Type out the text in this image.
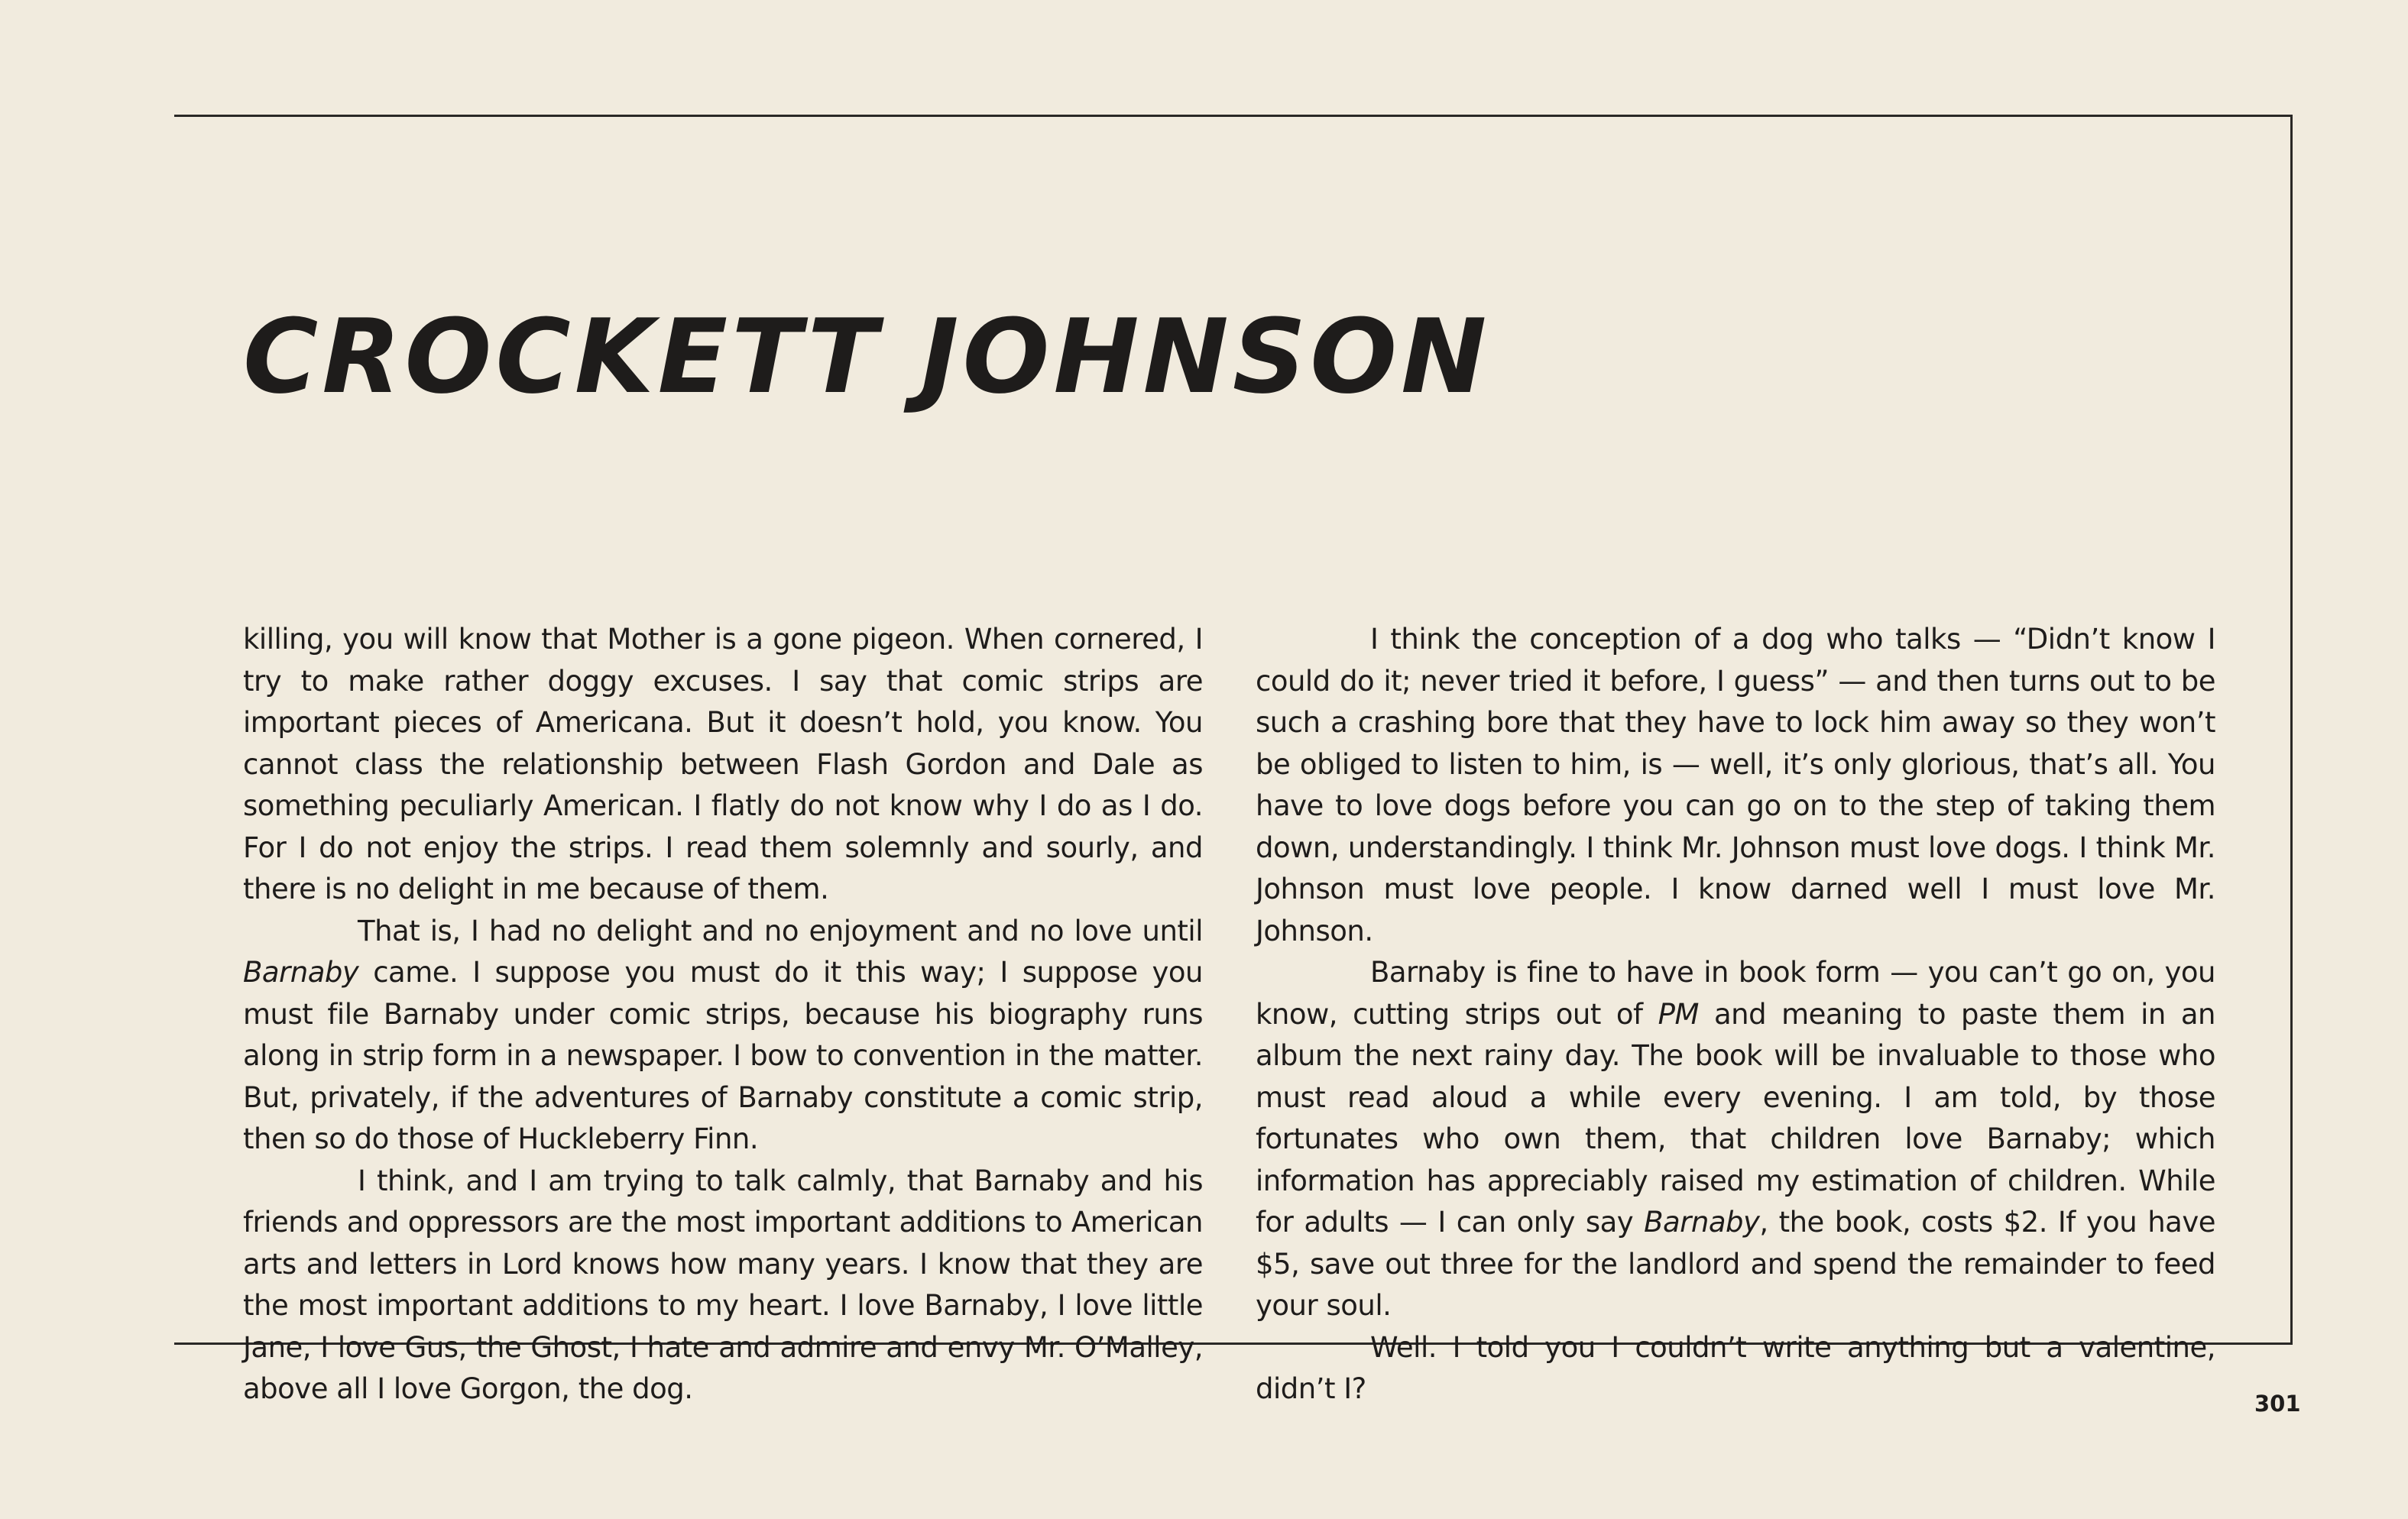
CROCKETT JOHNSON

killing, you will know that Mother is a gone pigeon. When cornered, I try to make rather doggy excuses. I say that comic strips are important pieces of Americana. But it doesn’t hold, you know. You cannot class the relationship between Flash Gordon and Dale as something peculiarly American. I flatly do not know why I do as I do. For I do not enjoy the strips. I read them solemnly and sourly, and there is no delight in me because of them.

That is, I had no delight and no enjoyment and no love until Barnaby came. I suppose you must do it this way; I suppose you must file Barnaby under comic strips, because his biography runs along in strip form in a newspaper. I bow to convention in the matter. But, privately, if the adventures of Barnaby constitute a comic strip, then so do those of Huckleberry Finn.

I think, and I am trying to talk calmly, that Barnaby and his friends and oppressors are the most important additions to American arts and letters in Lord knows how many years. I know that they are the most important additions to my heart. I love Barnaby, I love little Jane, I love Gus, the Ghost, I hate and admire and envy Mr. O’Malley, above all I love Gorgon, the dog.

I think the conception of a dog who talks — “Didn’t know I could do it; never tried it before, I guess” — and then turns out to be such a crashing bore that they have to lock him away so they won’t be obliged to listen to him, is — well, it’s only glorious, that’s all. You have to love dogs before you can go on to the step of taking them down, understandingly. I think Mr. Johnson must love dogs. I think Mr. Johnson must love people. I know darned well I must love Mr. Johnson.

Barnaby is fine to have in book form — you can’t go on, you know, cutting strips out of PM and meaning to paste them in an album the next rainy day. The book will be invaluable to those who must read aloud a while every evening. I am told, by those fortunates who own them, that children love Barnaby; which information has appreciably raised my estimation of children. While for adults — I can only say Barnaby, the book, costs $2. If you have $5, save out three for the landlord and spend the remainder to feed your soul.

Well. I told you I couldn’t write anything but a valentine, didn’t I?	301
